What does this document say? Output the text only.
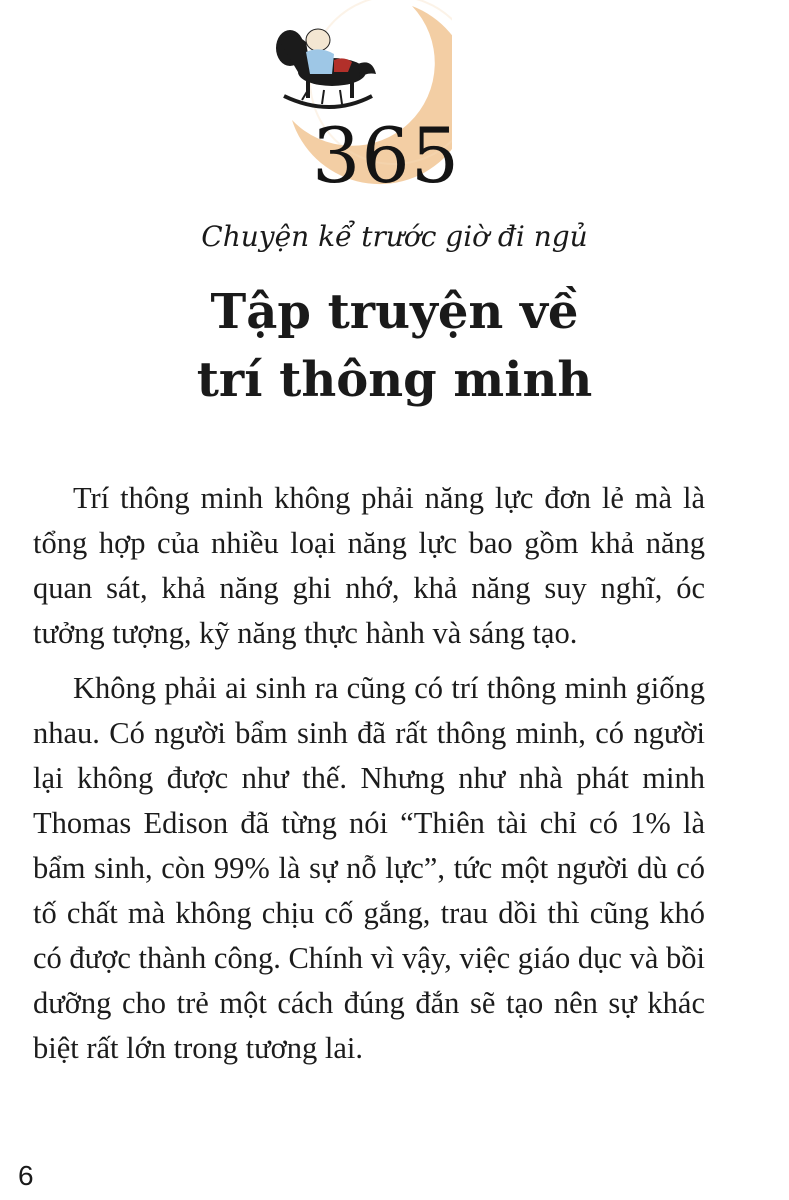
365
Chuyện kể trước giờ đi ngủ
Tập truyện về
trí thông minh

Trí thông minh không phải năng lực đơn lẻ mà là tổng hợp của nhiều loại năng lực bao gồm khả năng quan sát, khả năng ghi nhớ, khả năng suy nghĩ, óc tưởng tượng, kỹ năng thực hành và sáng tạo.

Không phải ai sinh ra cũng có trí thông minh giống nhau. Có người bẩm sinh đã rất thông minh, có người lại không được như thế. Nhưng như nhà phát minh Thomas Edison đã từng nói “Thiên tài chỉ có 1% là bẩm sinh, còn 99% là sự nỗ lực”, tức một người dù có tố chất mà không chịu cố gắng, trau dồi thì cũng khó có được thành công. Chính vì vậy, việc giáo dục và bồi dưỡng cho trẻ một cách đúng đắn sẽ tạo nên sự khác biệt rất lớn trong tương lai.

6
